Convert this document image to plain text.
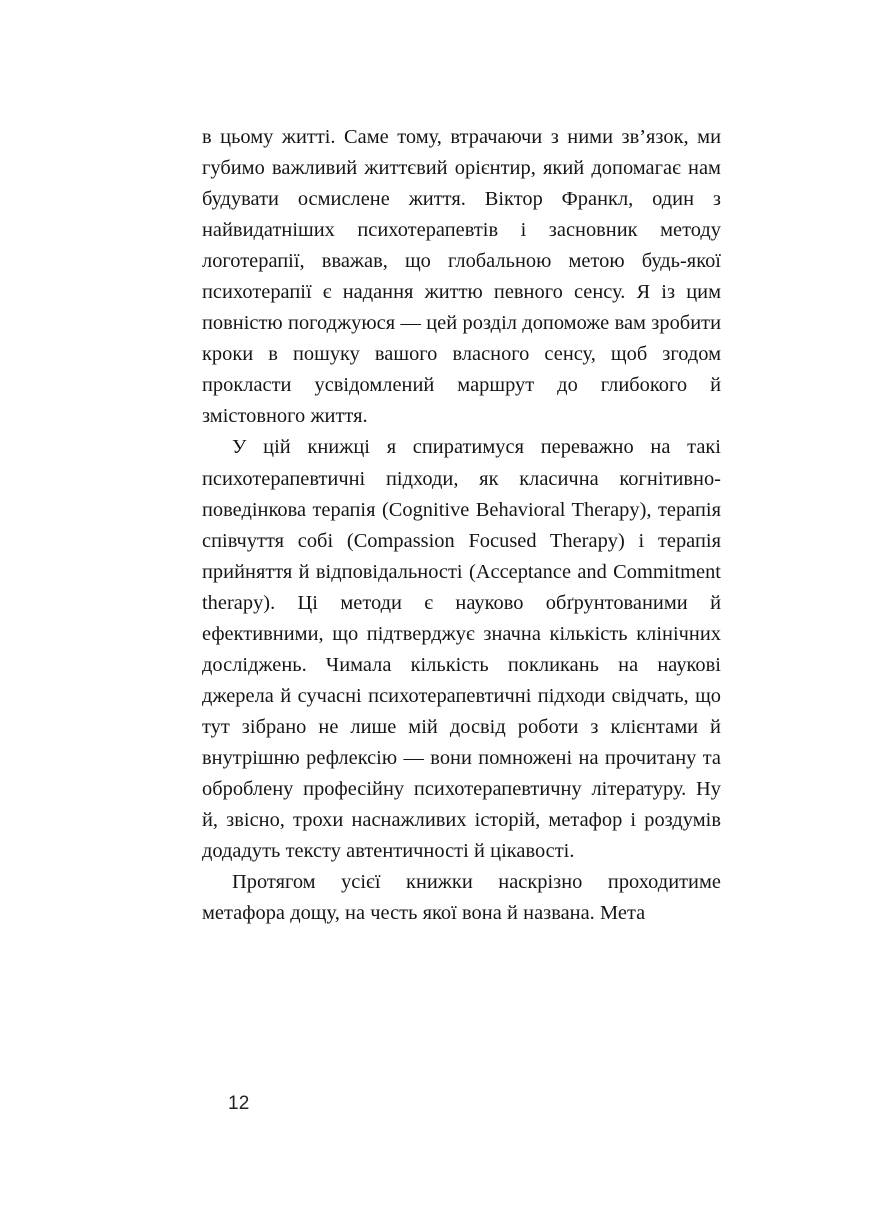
в цьому житті. Саме тому, втрачаючи з ними зв’язок, ми губимо важливий життєвий орієнтир, який допомагає нам будувати осмислене життя. Віктор Франкл, один з найвидатніших психотерапевтів і засновник методу логотерапії, вважав, що глобальною метою будь-якої психотерапії є надання життю певного сенсу. Я із цим повністю погоджуюся — цей розділ допоможе вам зробити кроки в пошуку вашого власного сенсу, щоб згодом прокласти усвідомлений маршрут до глибокого й змістовного життя.

У цій книжці я спиратимуся переважно на такі психотерапевтичні підходи, як класична когнітивно-поведінкова терапія (Cognitive Behavioral Therapy), терапія співчуття собі (Compassion Focused Therapy) і терапія прийняття й відповідальності (Acceptance and Commitment therapy). Ці методи є науково обґрунтованими й ефективними, що підтверджує значна кількість клінічних досліджень. Чимала кількість покликань на наукові джерела й сучасні психотерапевтичні підходи свідчать, що тут зібрано не лише мій досвід роботи з клієнтами й внутрішню рефлексію — вони помножені на прочитану та оброблену професійну психотерапевтичну літературу. Ну й, звісно, трохи наснажливих історій, метафор і роздумів додадуть тексту автентичності й цікавості.

Протягом усієї книжки наскрізно проходитиме метафора дощу, на честь якої вона й названа. Мета

12
